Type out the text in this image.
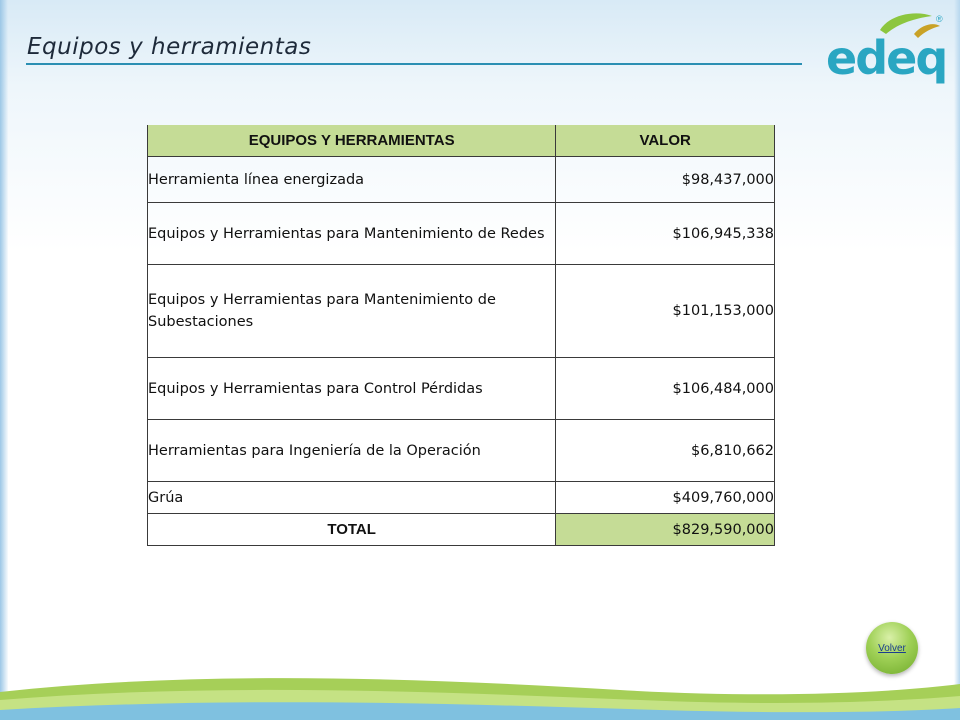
Equipos y herramientas	edeq
®
EQUIPOS Y HERRAMIENTAS	VALOR
Herramienta línea energizada	$98,437,000
Equipos y Herramientas para Mantenimiento de Redes	$106,945,338
Equipos y Herramientas para Mantenimiento de Subestaciones	$101,153,000
Equipos y Herramientas para Control Pérdidas	$106,484,000
Herramientas para Ingeniería de la Operación	$6,810,662
Grúa	$409,760,000
TOTAL	$829,590,000
Volver
